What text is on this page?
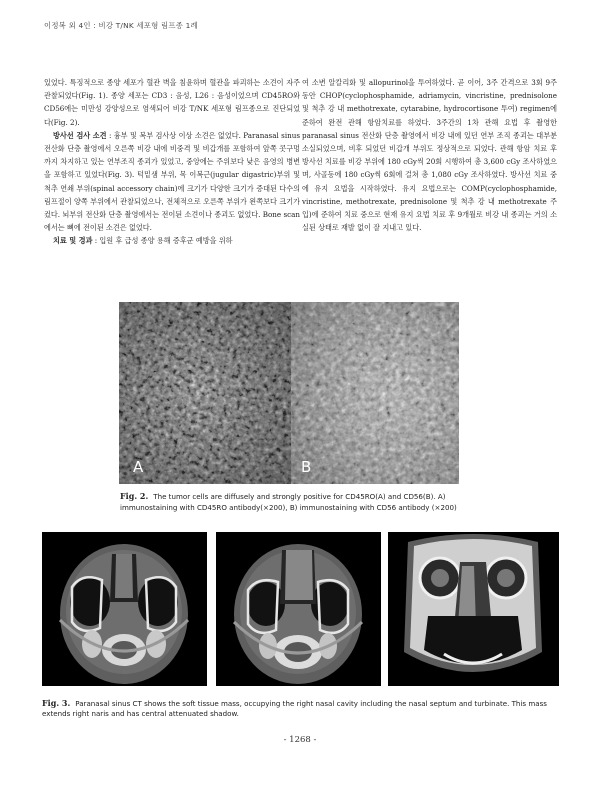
이정복 외 4인 : 비강 T/NK 세포형 림프종 1례

있었다. 특징적으로 종양 세포가 혈관 벽을 침윤하며 혈관을 파괴하는 소견이 자주 관찰되었다(Fig. 1). 종양 세포는 CD3 : 음성, L26 : 음성이었으며 CD45RO와 CD56에는 미만성 강양성으로 염색되어 비강 T/NK 세포형 림프종으로 진단되었다(Fig. 2).

방사선 검사 소견 : 흉부 및 복부 검사상 이상 소견은 없었다. Paranasal sinus 전산화 단층 촬영에서 오른쪽 비강 내에 비중격 및 비갑개를 포함하여 앞쪽 콧구멍까지 차지하고 있는 연부조직 종괴가 있었고, 중앙에는 주위보다 낮은 음영의 병변을 포함하고 있었다(Fig. 3). 턱밑샘 부위, 목 이복근(jugular digastric)부위 및 척추 연쇄 부위(spinal accessory chain)에 크기가 다양한 크기가 증대된 다수의 림프절이 양쪽 부위에서 관찰되었으나, 전체적으로 오른쪽 부위가 왼쪽보다 크기가 컸다. 뇌부위 전산화 단층 촬영에서는 전이된 소견이나 종괴도 없었다. Bone scan에서는 뼈에 전이된 소견은 없었다.

치료 및 경과 : 입원 후 급성 종양 용해 증후군 예방을 위하

여 소변 알칼리화 및 allopurinol을 투여하였다. 곧 이어, 3주 간격으로 3회 9주 동안 CHOP(cyclophosphamide, adriamycin, vincristine, prednisolone 및 척추 강 내 methotrexate, cytarabine, hydrocortisone 투여) regimen에 준하여 완전 관해 항암치료를 하였다. 3주간의 1차 관해 요법 후 촬영한 paranasal sinus 전산화 단층 촬영에서 비강 내에 있던 연부 조직 종괴는 대부분 소실되었으며, 비후 되었던 비갑개 부위도 정상적으로 되었다. 관해 항암 치료 후 방사선 치료를 비강 부위에 180 cGy씩 20회 시행하여 총 3,600 cGy 조사하였으며, 사골동에 180 cGy씩 6회에 걸쳐 총 1,080 cGy 조사하였다. 방사선 치료 중에 유지 요법을 시작하였다. 유지 요법으로는 COMP(cyclophosphamide, vincristine, methotrexate, prednisolone 및 척추 강 내 methotrexate 주입)에 준하여 치료 중으로 현재 유지 요법 치료 후 9개월로 비강 내 종괴는 거의 소실된 상태로 재발 없이 잘 지내고 있다.

A	B
Fig. 2. The tumor cells are diffusely and strongly positive for CD45RO(A) and CD56(B). A) immunostaining with CD45RO antibody(×200), B) immunostaining with CD56 antibody (×200)
Fig. 3. Paranasal sinus CT shows the soft tissue mass, occupying the right nasal cavity including the nasal septum and turbinate. This mass extends right naris and has central attenuated shadow.
- 1268 -
